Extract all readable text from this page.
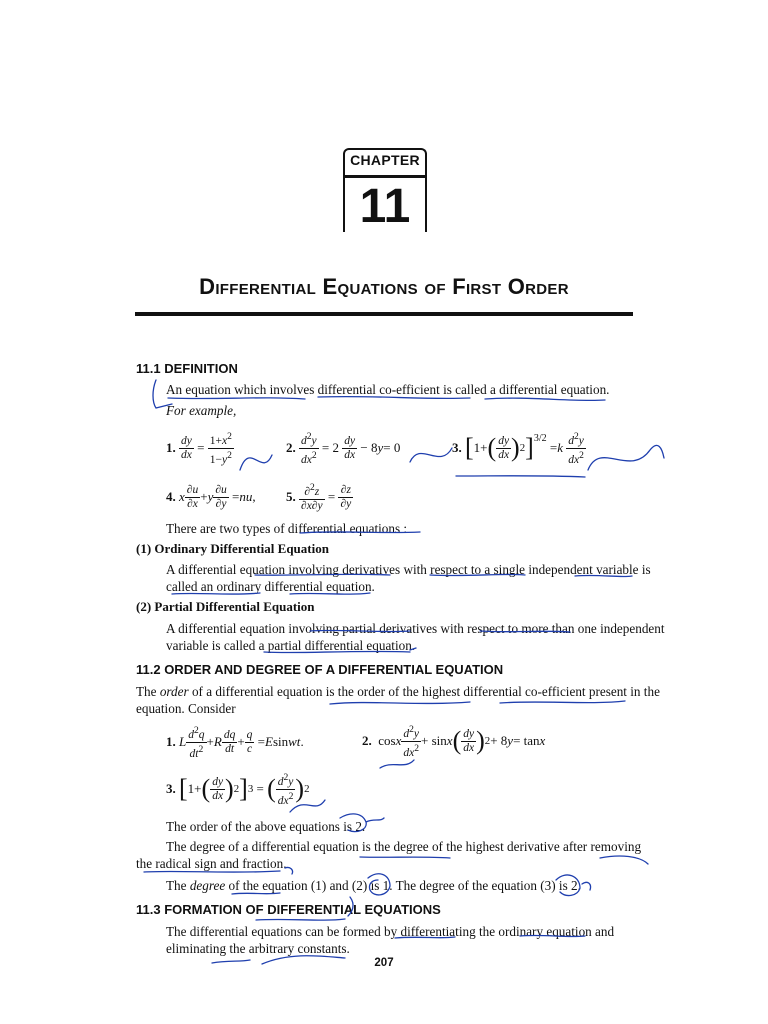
CHAPTER
11
Differential Equations of First Order
11.1 DEFINITION
An equation which involves differential co-efficient is called a differential equation.
For example,
1.
$\frac{dy}{dx} = \frac{1+x^2}{1-y^2}$	2.
$\frac{d^2y}{dx^2} = 2 \frac{dy}{dx} - 8$ y = 0	3.
[ 1+ ( $\frac{dy}{dx}$ ) 2 ]$^{3/2}$
= k
$\frac{d^2y}{dx^2}$
4.
x $\frac{\partial u}{\partial x} + y \frac{\partial u}{\partial y}$ = nu , 5.
$\frac{\partial^2z}{\partial x\partial y} = \frac{\partial z}{\partial y}$
There are two types of differential equations :
(1) Ordinary Differential Equation
A differential equation involving derivatives with respect to a single independent variable is
called an ordinary differential equation.
(2) Partial Differential Equation
A differential equation involving partial derivatives with respect to more than one independent
variable is called a partial differential equation.
11.2 ORDER AND DEGREE OF A DIFFERENTIAL EQUATION
The order of a differential equation is the order of the highest differential co-efficient present in the
equation. Consider
1.
L $\frac{d^2q}{dt^2} + R \frac{dq}{dt} + \frac{q}{c} = E$ sin wt .	2. cos x $\frac{d^2y}{dx^2} + \sin x$ ( $\frac{dy}{dx}$ ) 2 + 8 y = tan x
3.
[ 1+ ( $\frac{dy}{dx}$ ) 2 ] 3 = ( $\frac{d^2y}{dx^2}$ ) 2
The order of the above equations is 2.
The degree of a differential equation is the degree of the highest derivative after removing
the radical sign and fraction.
The degree of the equation (1) and (2) is 1. The degree of the equation (3) is 2.
11.3 FORMATION OF DIFFERENTIAL EQUATIONS
The differential equations can be formed by differentiating the ordinary equation and
eliminating the arbitrary constants.
207
